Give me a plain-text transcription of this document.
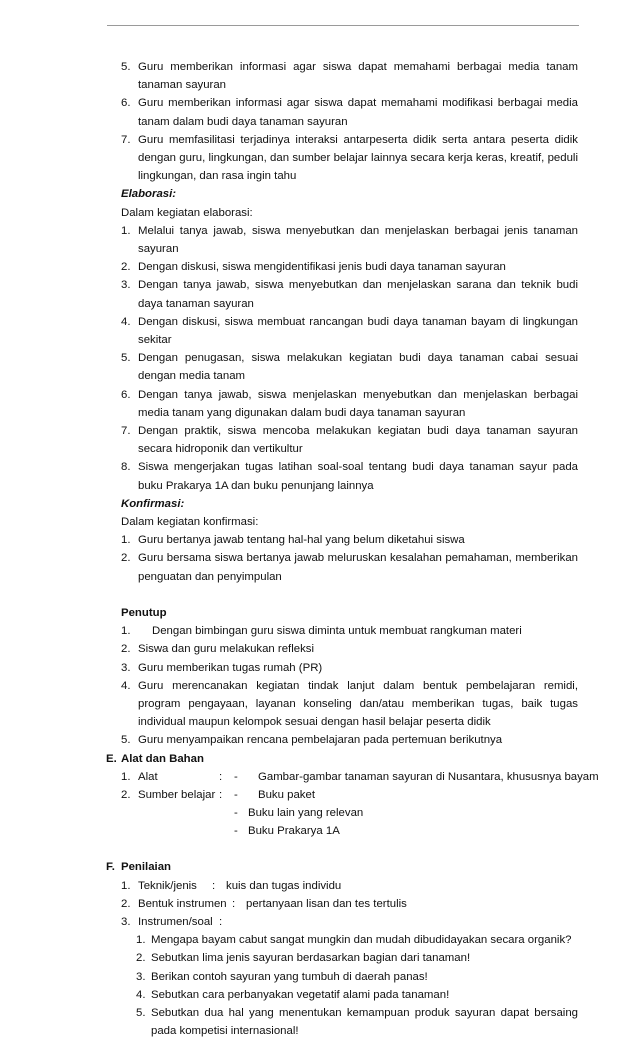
5. Guru memberikan informasi agar siswa dapat memahami berbagai media tanam tanaman sayuran
6. Guru memberikan informasi agar siswa dapat memahami modifikasi berbagai media tanam dalam budi daya tanaman sayuran
7. Guru memfasilitasi terjadinya interaksi antarpeserta didik serta antara peserta didik dengan guru, lingkungan, dan sumber belajar lainnya secara kerja keras, kreatif, peduli lingkungan, dan rasa ingin tahu
Elaborasi:
Dalam kegiatan elaborasi:
1. Melalui tanya jawab, siswa menyebutkan dan menjelaskan berbagai jenis tanaman sayuran
2. Dengan diskusi, siswa mengidentifikasi jenis budi daya tanaman sayuran
3. Dengan tanya jawab, siswa menyebutkan dan menjelaskan sarana dan teknik budi daya tanaman sayuran
4. Dengan diskusi, siswa membuat rancangan budi daya tanaman bayam di lingkungan sekitar
5. Dengan penugasan, siswa melakukan kegiatan budi daya tanaman cabai sesuai dengan media tanam
6. Dengan tanya jawab, siswa menjelaskan menyebutkan dan menjelaskan berbagai media tanam yang digunakan dalam budi daya tanaman sayuran
7. Dengan praktik, siswa mencoba melakukan kegiatan budi daya tanaman sayuran secara hidroponik dan vertikultur
8. Siswa mengerjakan tugas latihan soal-soal tentang budi daya tanaman sayur pada buku Prakarya 1A dan buku penunjang lainnya
Konfirmasi:
Dalam kegiatan konfirmasi:
1. Guru bertanya jawab tentang hal-hal yang belum diketahui siswa
2. Guru bersama siswa bertanya jawab meluruskan kesalahan pemahaman, memberikan penguatan dan penyimpulan
Penutup
1. Dengan bimbingan guru siswa diminta untuk membuat rangkuman materi
2. Siswa dan guru melakukan refleksi
3. Guru memberikan tugas rumah (PR)
4. Guru merencanakan kegiatan tindak lanjut dalam bentuk pembelajaran remidi, program pengayaan, layanan konseling dan/atau memberikan tugas, baik tugas individual maupun kelompok sesuai dengan hasil belajar peserta didik
5. Guru menyampaikan rencana pembelajaran pada pertemuan berikutnya
E. Alat dan Bahan
1. Alat	: - Gambar-gambar tanaman sayuran di Nusantara, khususnya bayam
2. Sumber belajar : - Buku paket
- Buku lain yang relevan
- Buku Prakarya 1A
F. Penilaian
1. Teknik/jenis : kuis dan tugas individu
2. Bentuk instrumen : pertanyaan lisan dan tes tertulis
3. Instrumen/soal :
1. Mengapa bayam cabut sangat mungkin dan mudah dibudidayakan secara organik?
2. Sebutkan lima jenis sayuran berdasarkan bagian dari tanaman!
3. Berikan contoh sayuran yang tumbuh di daerah panas!
4. Sebutkan cara perbanyakan vegetatif alami pada tanaman!
5. Sebutkan dua hal yang menentukan kemampuan produk sayuran dapat bersaing pada kompetisi internasional!
